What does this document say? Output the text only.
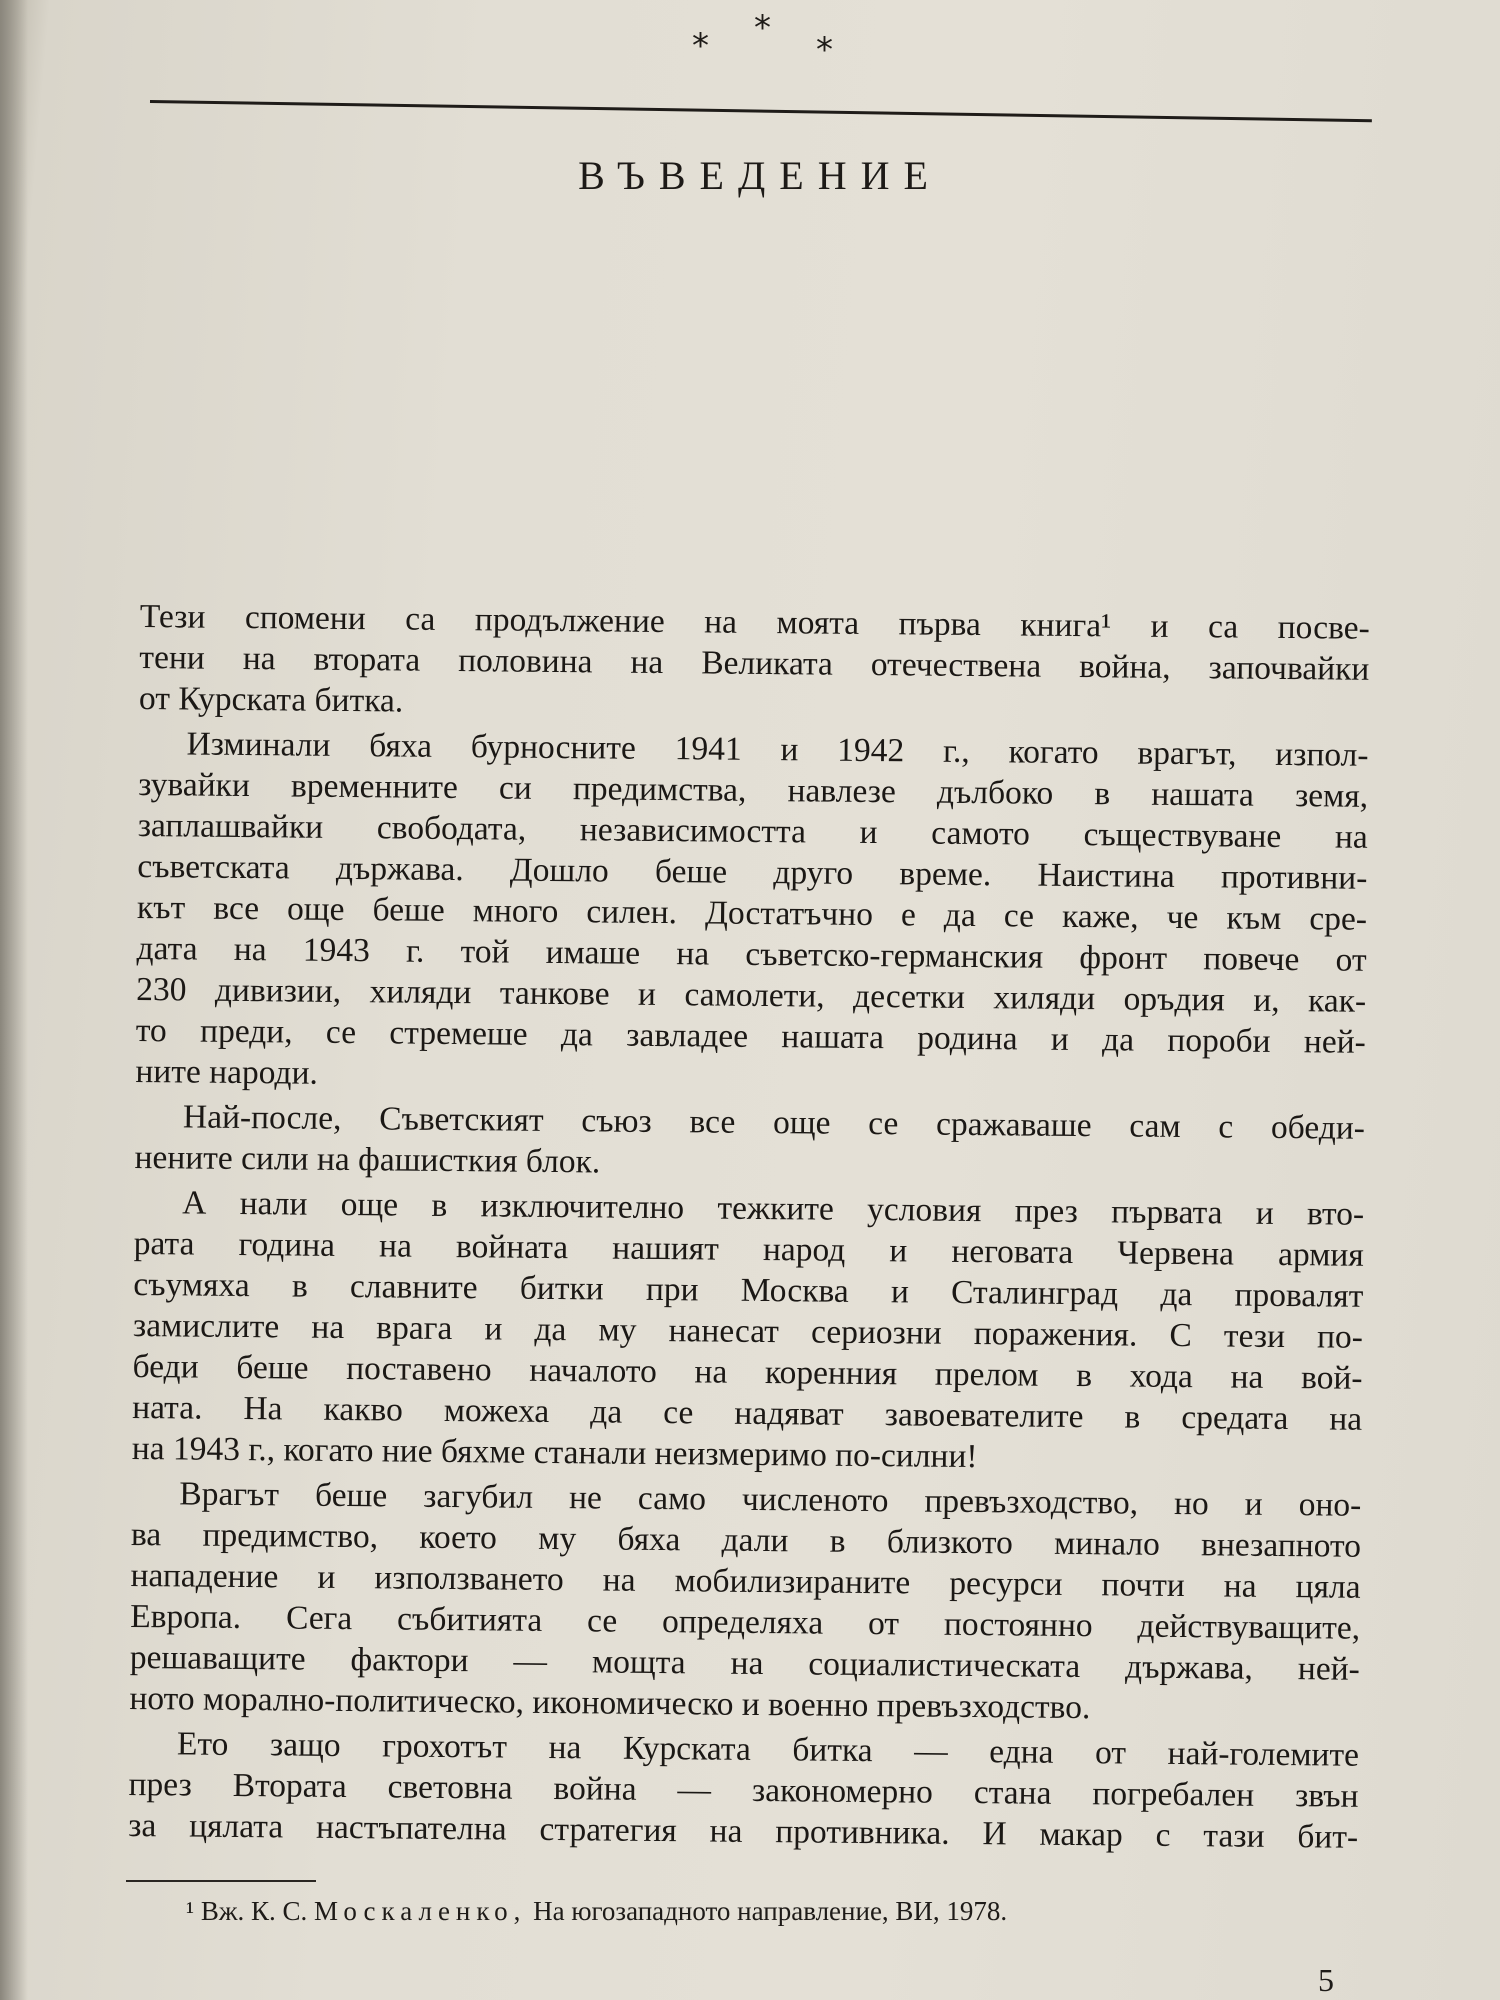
* *
*
ВЪВЕДЕНИЕ
Тези спомени са продължение на моята първа книга¹ и са посве-
тени на втората половина на Великата отечествена война, започвайки
от Курската битка.
Изминали бяха бурносните 1941 и 1942 г., когато врагът, изпол-
зувайки временните си предимства, навлезе дълбоко в нашата земя,
заплашвайки свободата, независимостта и самото съществуване на
съветската държава. Дошло беше друго време. Наистина противни-
кът все още беше много силен. Достатъчно е да се каже, че към сре-
дата на 1943 г. той имаше на съветско-германския фронт повече от
230 дивизии, хиляди танкове и самолети, десетки хиляди оръдия и, как-
то преди, се стремеше да завладее нашата родина и да пороби ней-
ните народи.
Най-после, Съветският съюз все още се сражаваше сам с обеди-
нените сили на фашисткия блок.
А нали още в изключително тежките условия през първата и вто-
рата година на войната нашият народ и неговата Червена армия
съумяха в славните битки при Москва и Сталинград да провалят
замислите на врага и да му нанесат сериозни поражения. С тези по-
беди беше поставено началото на коренния прелом в хода на вой-
ната. На какво можеха да се надяват завоевателите в средата на
на 1943 г., когато ние бяхме станали неизмеримо по-силни!
Врагът беше загубил не само численото превъзходство, но и оно-
ва предимство, което му бяха дали в близкото минало внезапното
нападение и използването на мобилизираните ресурси почти на цяла
Европа. Сега събитията се определяха от постоянно действуващите,
решаващите фактори — мощта на социалистическата държава, ней-
ното морално-политическо, икономическо и военно превъзходство.
Ето защо грохотът на Курската битка — една от най-големите
през Втората световна война — закономерно стана погребален звън
за цялата настъпателна стратегия на противника. И макар с тази бит-
¹ Вж. К. С. Москаленко, На югозападното направление, ВИ, 1978.
5
